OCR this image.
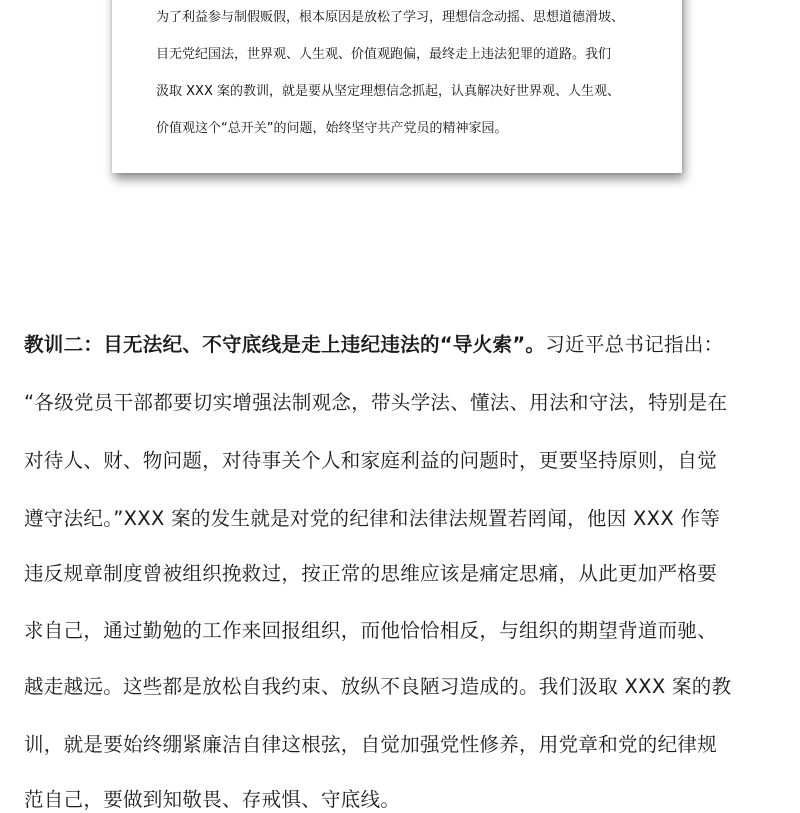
为了利益参与制假贩假，根本原因是放松了学习，理想信念动摇、思想道德滑坡、
目无党纪国法，世界观、人生观、价值观跑偏，最终走上违法犯罪的道路。我们
汲取 XXX 案的教训，就是要从坚定理想信念抓起，认真解决好世界观、人生观、
价值观这个“总开关”的问题，始终坚守共产党员的精神家园。
教训二：目无法纪、不守底线是走上违纪违法的“导火索”。习近平总书记指出：
“各级党员干部都要切实增强法制观念，带头学法、懂法、用法和守法，特别是在
对待人、财、物问题，对待事关个人和家庭利益的问题时，更要坚持原则，自觉
遵守法纪。”XXX 案的发生就是对党的纪律和法律法规置若罔闻，他因 XXX 作等
违反规章制度曾被组织挽救过，按正常的思维应该是痛定思痛，从此更加严格要
求自己，通过勤勉的工作来回报组织，而他恰恰相反，与组织的期望背道而驰、
越走越远。这些都是放松自我约束、放纵不良陋习造成的。我们汲取 XXX 案的教
训，就是要始终绷紧廉洁自律这根弦，自觉加强党性修养，用党章和党的纪律规
范自己，要做到知敬畏、存戒惧、守底线。
